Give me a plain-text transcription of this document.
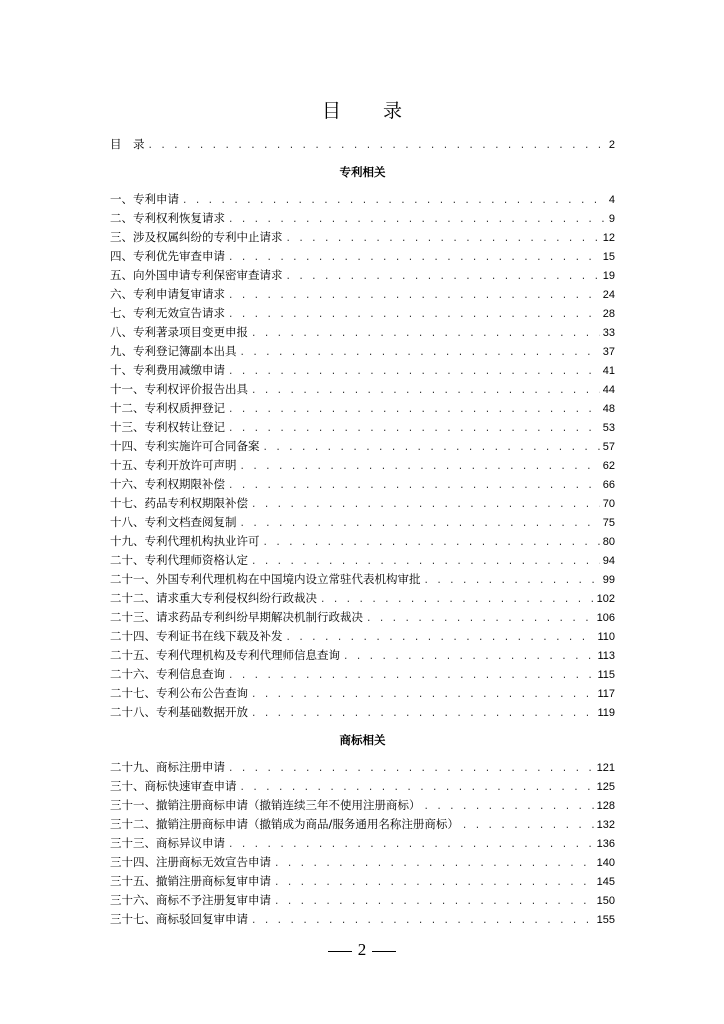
目 录
目　录 . . .	2
专利相关
一、专利申请 . . .	4
二、专利权利恢复请求 . . .	9
三、涉及权属纠纷的专利中止请求 . . .	12
四、专利优先审查申请 . . .	15
五、向外国申请专利保密审查请求 . . .	19
六、专利申请复审请求 . . .	24
七、专利无效宣告请求 . . .	28
八、专利著录项目变更申报 . . .	33
九、专利登记簿副本出具 . . .	37
十、专利费用减缴申请 . . .	41
十一、专利权评价报告出具 . . .	44
十二、专利权质押登记 . . .	48
十三、专利权转让登记 . . .	53
十四、专利实施许可合同备案 . . .	57
十五、专利开放许可声明 . . .	62
十六、专利权期限补偿 . . .	66
十七、药品专利权期限补偿 . . .	70
十八、专利文档查阅复制 . . .	75
十九、专利代理机构执业许可 . . .	80
二十、专利代理师资格认定 . . .	94
二十一、外国专利代理机构在中国境内设立常驻代表机构审批 . . .	99
二十二、请求重大专利侵权纠纷行政裁决 . . .	102
二十三、请求药品专利纠纷早期解决机制行政裁决 . . .	106
二十四、专利证书在线下载及补发 . . .	110
二十五、专利代理机构及专利代理师信息查询 . . .	113
二十六、专利信息查询 . . .	115
二十七、专利公布公告查询 . . .	117
二十八、专利基础数据开放 . . .	119
商标相关
二十九、商标注册申请 . . .	121
三十、商标快速审查申请 . . .	125
三十一、撤销注册商标申请（撤销连续三年不使用注册商标） . . .	128
三十二、撤销注册商标申请（撤销成为商品/服务通用名称注册商标） . . .	132
三十三、商标异议申请 . . .	136
三十四、注册商标无效宣告申请 . . .	140
三十五、撤销注册商标复审申请 . . .	145
三十六、商标不予注册复审申请 . . .	150
三十七、商标驳回复审申请 . . .	155
2
